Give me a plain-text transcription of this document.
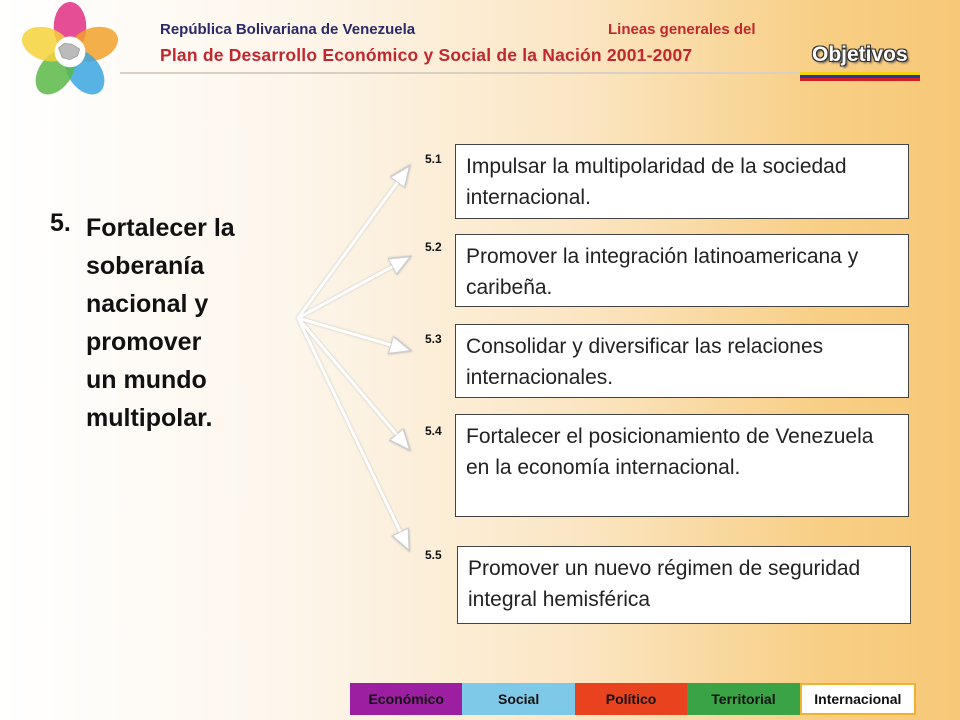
República Bolivariana de Venezuela	Lineas generales del
Plan de Desarrollo Económico y Social de la Nación 2001-2007	Objetivos
5. Fortalecer la
soberanía
nacional y
promover
un mundo
multipolar.
5.1	Impulsar la multipolaridad de la sociedad internacional.
5.2	Promover la integración latinoamericana y caribeña.
5.3	Consolidar y diversificar las relaciones internacionales.
5.4	Fortalecer el posicionamiento de Venezuela en la economía internacional.
5.5
Promover un nuevo régimen de seguridad integral hemisférica
Económico	Social	Político	Territorial	Internacional
